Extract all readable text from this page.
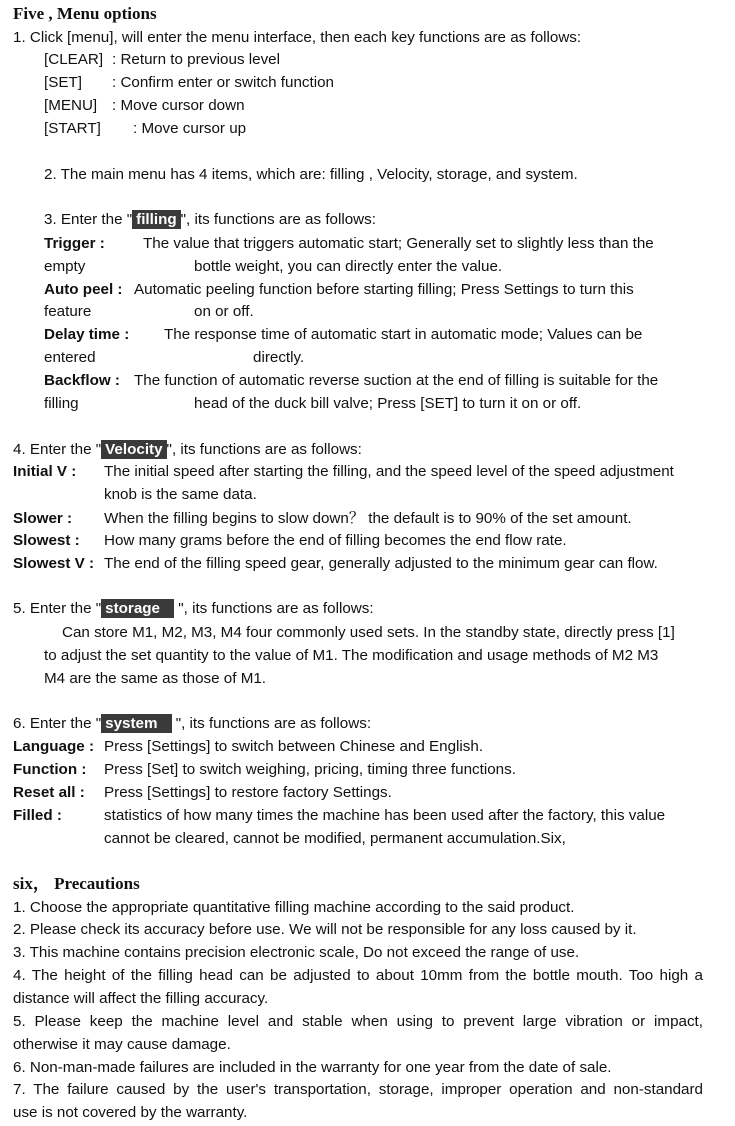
Five , Menu options
1. Click [menu], will enter the menu interface, then each key functions are as follows:
[CLEAR] : Return to previous level
[SET] : Confirm enter or switch function
[MENU] : Move cursor down
[START] : Move cursor up
2. The main menu has 4 items, which are: filling , Velocity, storage, and system.
3. Enter the " filling ", its functions are as follows:
Trigger :	The value that triggers automatic start; Generally set to slightly less than the
empty	bottle weight, you can directly enter the value.
Auto peel : Automatic peeling function before starting filling; Press Settings to turn this
feature	on or off.
Delay time : The response time of automatic start in automatic mode; Values can be
entered	directly.
Backflow : The function of automatic reverse suction at the end of filling is suitable for the
filling	head of the duck bill valve; Press [SET] to turn it on or off.
4. Enter the " Velocity ", its functions are as follows:
Initial V : The initial speed after starting the filling, and the speed level of the speed adjustment
knob is the same data.
Slower : When the filling begins to slow down？ the default is to 90% of the set amount.
Slowest : How many grams before the end of filling becomes the end flow rate.
Slowest V : The end of the filling speed gear, generally adjusted to the minimum gear can flow.
5. Enter the " storage ", its functions are as follows:
Can store M1, M2, M3, M4 four commonly used sets. In the standby state, directly press [1]
to adjust the set quantity to the value of M1. The modification and usage methods of M2 M3
M4 are the same as those of M1.
6. Enter the " system ", its functions are as follows:
Language : Press [Settings] to switch between Chinese and English.
Function : Press [Set] to switch weighing, pricing, timing three functions.
Reset all : Press [Settings] to restore factory Settings.
Filled :	statistics of how many times the machine has been used after the factory, this value
cannot be cleared, cannot be modified, permanent accumulation.Six,
six， Precautions
1. Choose the appropriate quantitative filling machine according to the said product.
2. Please check its accuracy before use. We will not be responsible for any loss caused by it.
3. This machine contains precision electronic scale, Do not exceed the range of use.
4. The height of the filling head can be adjusted to about 10mm from the bottle mouth. Too high a
distance will affect the filling accuracy.
5. Please keep the machine level and stable when using to prevent large vibration or impact,
otherwise it may cause damage.
6. Non-man-made failures are included in the warranty for one year from the date of sale.
7. The failure caused by the user's transportation, storage, improper operation and non-standard
use is not covered by the warranty.
